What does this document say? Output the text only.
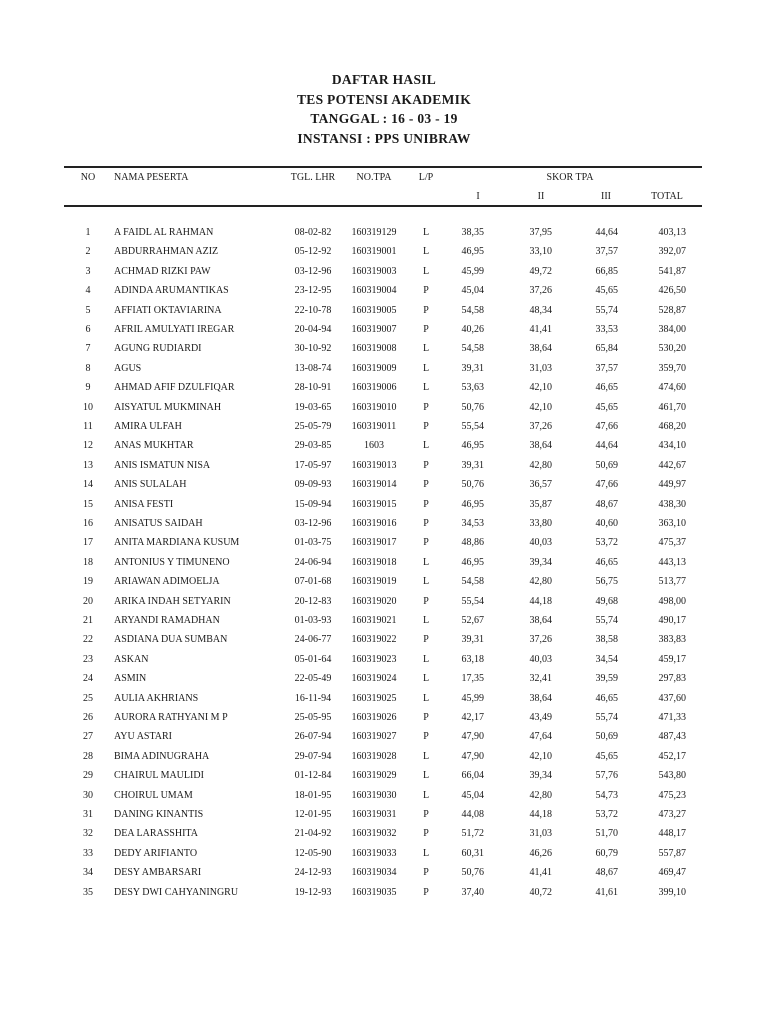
DAFTAR HASIL
TES POTENSI AKADEMIK
TANGGAL : 16 - 03 - 19
INSTANSI : PPS UNIBRAW
NO NAMA PESERTA	TGL. LHR	NO.TPA	L/P	SKOR TPA
I	II	III	TOTAL
1	A FAIDL AL RAHMAN	08-02-82	160319129	L	38,35	37,95	44,64	403,13
2	ABDURRAHMAN AZIZ	05-12-92	160319001	L	46,95	33,10	37,57	392,07
3	ACHMAD RIZKI PAW	03-12-96	160319003	L	45,99	49,72	66,85	541,87
4	ADINDA ARUMANTIKAS	23-12-95	160319004	P	45,04	37,26	45,65	426,50
5	AFFIATI OKTAVIARINA	22-10-78	160319005	P	54,58	48,34	55,74	528,87
6	AFRIL AMULYATI IREGAR	20-04-94	160319007	P	40,26	41,41	33,53	384,00
7	AGUNG RUDIARDI	30-10-92	160319008	L	54,58	38,64	65,84	530,20
8	AGUS	13-08-74	160319009	L	39,31	31,03	37,57	359,70
9	AHMAD AFIF DZULFIQAR	28-10-91	160319006	L	53,63	42,10	46,65	474,60
10	AISYATUL MUKMINAH	19-03-65	160319010	P	50,76	42,10	45,65	461,70
11	AMIRA ULFAH	25-05-79	160319011	P	55,54	37,26	47,66	468,20
12	ANAS MUKHTAR	29-03-85	1603	L	46,95	38,64	44,64	434,10
13	ANIS ISMATUN NISA	17-05-97	160319013	P	39,31	42,80	50,69	442,67
14	ANIS SULALAH	09-09-93	160319014	P	50,76	36,57	47,66	449,97
15	ANISA FESTI	15-09-94	160319015	P	46,95	35,87	48,67	438,30
16	ANISATUS SAIDAH	03-12-96	160319016	P	34,53	33,80	40,60	363,10
17	ANITA MARDIANA KUSUM	01-03-75	160319017	P	48,86	40,03	53,72	475,37
18	ANTONIUS Y TIMUNENO	24-06-94	160319018	L	46,95	39,34	46,65	443,13
19	ARIAWAN ADIMOELJA	07-01-68	160319019	L	54,58	42,80	56,75	513,77
20	ARIKA INDAH SETYARIN	20-12-83	160319020	P	55,54	44,18	49,68	498,00
21	ARYANDI RAMADHAN	01-03-93	160319021	L	52,67	38,64	55,74	490,17
22	ASDIANA DUA SUMBAN	24-06-77	160319022	P	39,31	37,26	38,58	383,83
23	ASKAN	05-01-64	160319023	L	63,18	40,03	34,54	459,17
24	ASMIN	22-05-49	160319024	L	17,35	32,41	39,59	297,83
25	AULIA AKHRIANS	16-11-94	160319025	L	45,99	38,64	46,65	437,60
26	AURORA RATHYANI M P	25-05-95	160319026	P	42,17	43,49	55,74	471,33
27	AYU ASTARI	26-07-94	160319027	P	47,90	47,64	50,69	487,43
28	BIMA ADINUGRAHA	29-07-94	160319028	L	47,90	42,10	45,65	452,17
29	CHAIRUL MAULIDI	01-12-84	160319029	L	66,04	39,34	57,76	543,80
30	CHOIRUL UMAM	18-01-95	160319030	L	45,04	42,80	54,73	475,23
31	DANING KINANTIS	12-01-95	160319031	P	44,08	44,18	53,72	473,27
32	DEA LARASSHITA	21-04-92	160319032	P	51,72	31,03	51,70	448,17
33	DEDY ARIFIANTO	12-05-90	160319033	L	60,31	46,26	60,79	557,87
34	DESY AMBARSARI	24-12-93	160319034	P	50,76	41,41	48,67	469,47
35	DESY DWI CAHYANINGRU	19-12-93	160319035	P	37,40	40,72	41,61	399,10
